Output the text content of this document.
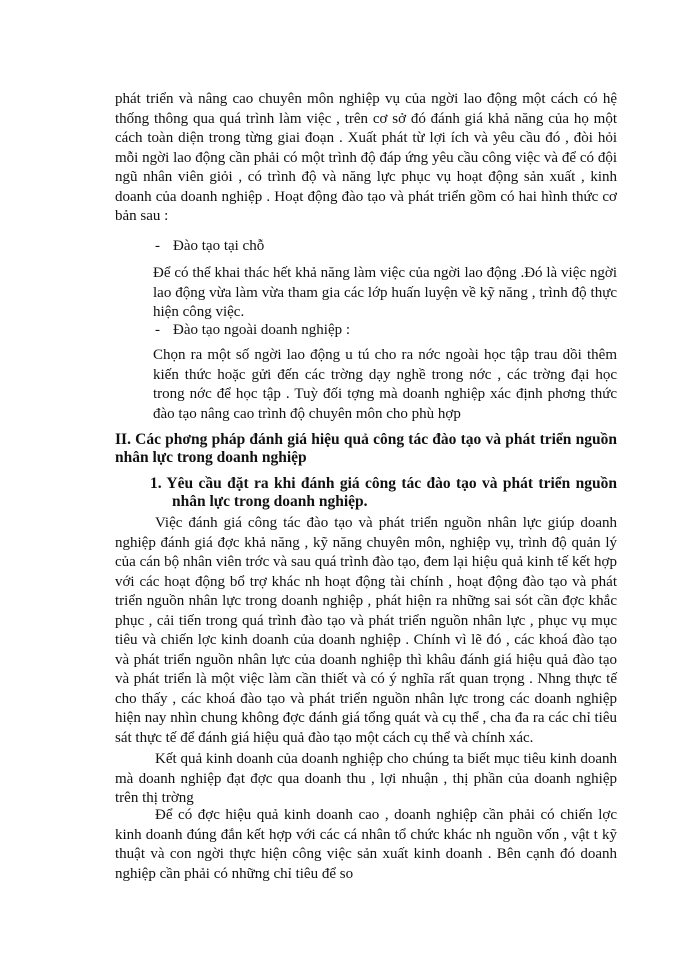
phát triển và nâng cao chuyên môn nghiệp vụ của ngời lao động một cách có hệ thống thông qua quá trình làm việc , trên cơ sở đó đánh giá khả năng của họ một cách toàn diện trong từng giai đoạn . Xuất phát từ lợi ích và yêu cầu đó , đòi hỏi mỗi ngời lao động cần phải có một trình độ đáp ứng yêu cầu công việc và để có đội ngũ nhân viên giỏi , có trình độ và năng lực phục vụ hoạt động sản xuất , kinh doanh của doanh nghiệp . Hoạt động đào tạo và phát triển gồm có hai hình thức cơ bản sau :

- Đào tạo tại chỗ

Để có thể khai thác hết khả năng làm việc của ngời lao động .Đó là việc ngời lao động vừa làm vừa tham gia các lớp huấn luyện về kỹ năng , trình độ thực hiện công việc.

- Đào tạo ngoài doanh nghiệp :

Chọn ra một số ngời lao động u tú cho ra nớc ngoài học tập trau dồi thêm kiến thức hoặc gửi đến các trờng dạy nghề trong nớc , các trờng đại học trong nớc để học tập . Tuỳ đối tợng mà doanh nghiệp xác định phơng thức đào tạo nâng cao trình độ chuyên môn cho phù hợp

II. Các phơng pháp đánh giá hiệu quả công tác đào tạo và phát triển nguồn nhân lực trong doanh nghiệp
1. Yêu cầu đặt ra khi đánh giá công tác đào tạo và phát triển nguồn nhân lực trong doanh nghiệp.

Việc đánh giá công tác đào tạo và phát triển nguồn nhân lực giúp doanh nghiệp đánh giá đợc khả năng , kỹ năng chuyên môn, nghiệp vụ, trình độ quản lý của cán bộ nhân viên trớc và sau quá trình đào tạo, đem lại hiệu quả kinh tế kết hợp với các hoạt động bổ trợ khác nh hoạt động tài chính , hoạt động đào tạo và phát triển nguồn nhân lực trong doanh nghiệp , phát hiện ra những sai sót cần đợc khắc phục , cải tiến trong quá trình đào tạo và phát triển nguồn nhân lực , phục vụ mục tiêu và chiến lợc kinh doanh của doanh nghiệp . Chính vì lẽ đó , các khoá đào tạo và phát triển nguồn nhân lực của doanh nghiệp thì khâu đánh giá hiệu quả đào tạo và phát triển là một việc làm cần thiết và có ý nghĩa rất quan trọng . Nhng thực tế cho thấy , các khoá đào tạo và phát triển nguồn nhân lực trong các doanh nghiệp hiện nay nhìn chung không đợc đánh giá tổng quát và cụ thể , cha đa ra các chỉ tiêu sát thực tế để đánh giá hiệu quả đào tạo một cách cụ thể và chính xác.

Kết quả kinh doanh của doanh nghiệp cho chúng ta biết mục tiêu kinh doanh mà doanh nghiệp đạt đợc qua doanh thu , lợi nhuận , thị phần của doanh nghiệp trên thị trờng

Để có đợc hiệu quả kinh doanh cao , doanh nghiệp cần phải có chiến lợc kinh doanh đúng đắn kết hợp với các cá nhân tổ chức khác nh nguồn vốn , vật t kỹ thuật và con ngời thực hiện công việc sản xuất kinh doanh . Bên cạnh đó doanh nghiệp cần phải có những chỉ tiêu để so
